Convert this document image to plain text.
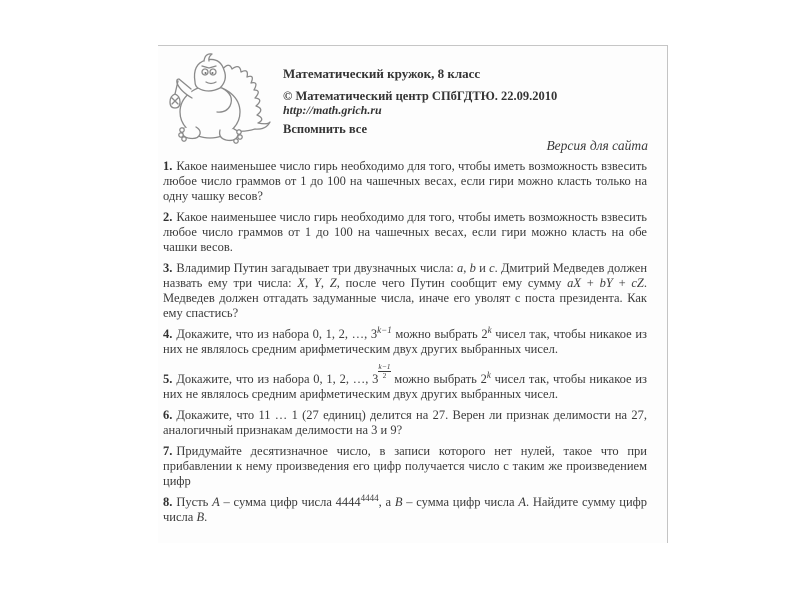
Математический кружок, 8 класс

© Математический центр СПбГДТЮ. 22.09.2010

http://math.grich.ru

Вспомнить все

Версия для сайта

1. Какое наименьшее число гирь необходимо для того, чтобы иметь возможность взвесить любое число граммов от 1 до 100 на чашечных весах, если гири можно класть только на одну чашку весов?

2. Какое наименьшее число гирь необходимо для того, чтобы иметь возможность взвесить любое число граммов от 1 до 100 на чашечных весах, если гири можно класть на обе чашки весов.

3. Владимир Путин загадывает три двузначных числа: a, b и c. Дмитрий Медведев должен назвать ему три числа: X, Y, Z, после чего Путин сообщит ему сумму aX + bY + cZ. Медведев должен отгадать задуманные числа, иначе его уволят с поста президента. Как ему спастись?

4. Докажите, что из набора 0, 1, 2, …, $3^{k-1}$ можно выбрать 2$^k$ чисел так, чтобы никакое из них не являлось средним арифметическим двух других выбранных чисел.

5. Докажите, что из набора 0, 1, 2, …, 3 $^{\frac{k-1}{2}}$ можно выбрать 2$^k$ чисел так, чтобы никакое из них не являлось средним арифметическим двух других выбранных чисел.

6. Докажите, что 11 … 1 (27 единиц) делится на 27. Верен ли признак делимости на 27, аналогичный признакам делимости на 3 и 9?

7. Придумайте десятизначное число, в записи которого нет нулей, такое что при прибавлении к нему произведения его цифр получается число с таким же произведением цифр

8. Пусть A – сумма цифр числа $4444^{4444}$, а B – сумма цифр числа A. Найдите сумму цифр числа B.
